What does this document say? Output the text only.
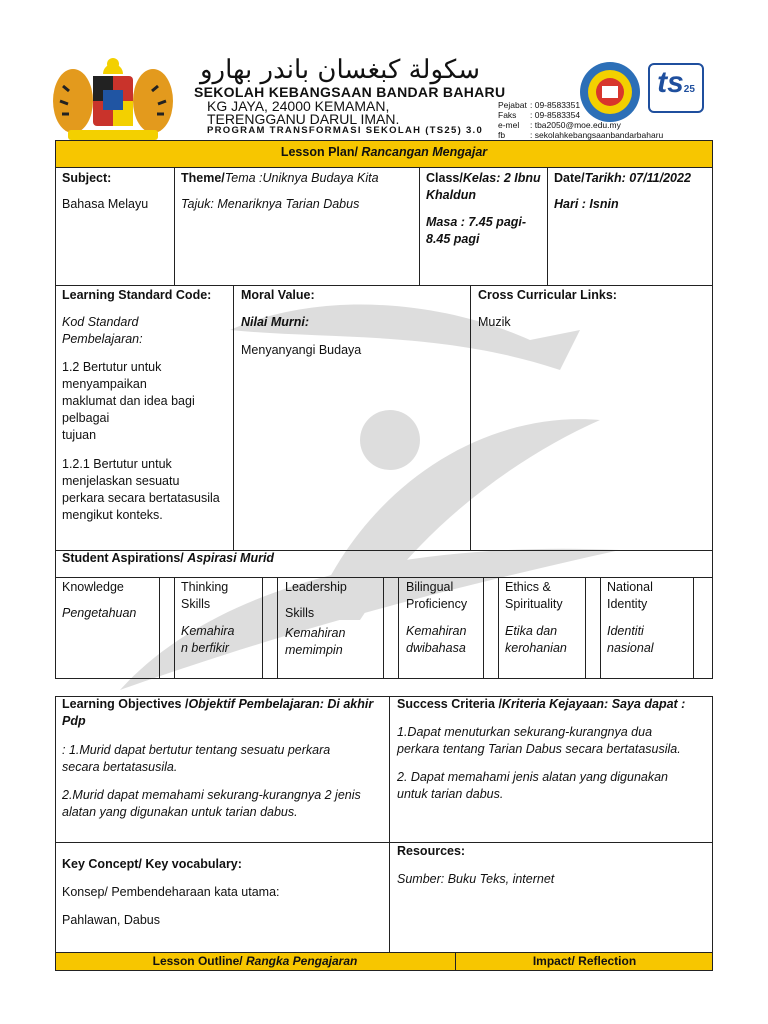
سكولة كبغسان باندر بهارو
SEKOLAH KEBANGSAAN BANDAR BAHARU
KG JAYA, 24000 KEMAMAN,
TERENGGANU DARUL IMAN.
PROGRAM TRANSFORMASI SEKOLAH (TS25) 3.0
Pejabat : 09-8583351
Faks : 09-8583354
e-mel : tba2050@moe.edu.my
fb	: sekolahkebangsaanbandarbaharu
ts25
Lesson Plan/ Rancangan Mengajar
Subject:
Bahasa Melayu
Theme/Tema :Uniknya Budaya Kita
Tajuk: Menariknya Tarian Dabus
Class/Kelas: 2 Ibnu
Khaldun
Masa : 7.45 pagi-
8.45 pagi
Date/Tarikh: 07/11/2022
Hari : Isnin
Learning Standard Code:
Kod Standard
Pembelajaran:
1.2 Bertutur untuk
menyampaikan
maklumat dan idea bagi
pelbagai
tujuan
1.2.1 Bertutur untuk
menjelaskan sesuatu
perkara secara bertatasusila
mengikut konteks.
Moral Value:
Nilai Murni:
Menyanyangi Budaya
Cross Curricular Links:
Muzik
Student Aspirations/ Aspirasi Murid
Knowledge
Pengetahuan
Thinking
Skills
Kemahira
n berfikir
Leadership
Skills
Kemahiran
memimpin
Bilingual
Proficiency
Kemahiran
dwibahasa
Ethics &
Spirituality
Etika dan
kerohanian
National
Identity
Identiti
nasional
Learning Objectives /Objektif Pembelajaran: Di akhir
Pdp
: 1.Murid dapat bertutur tentang sesuatu perkara
secara bertatasusila.
2.Murid dapat memahami sekurang-kurangnya 2 jenis
alatan yang digunakan untuk tarian dabus.
Success Criteria /Kriteria Kejayaan: Saya dapat :
1.Dapat menuturkan sekurang-kurangnya dua
perkara tentang Tarian Dabus secara bertatasusila.
2. Dapat memahami jenis alatan yang digunakan
untuk tarian dabus.
Key Concept/ Key vocabulary:
Konsep/ Pembendeharaan kata utama:
Pahlawan, Dabus
Resources:
Sumber: Buku Teks, internet
Lesson Outline/ Rangka Pengajaran	Impact/ Reflection
